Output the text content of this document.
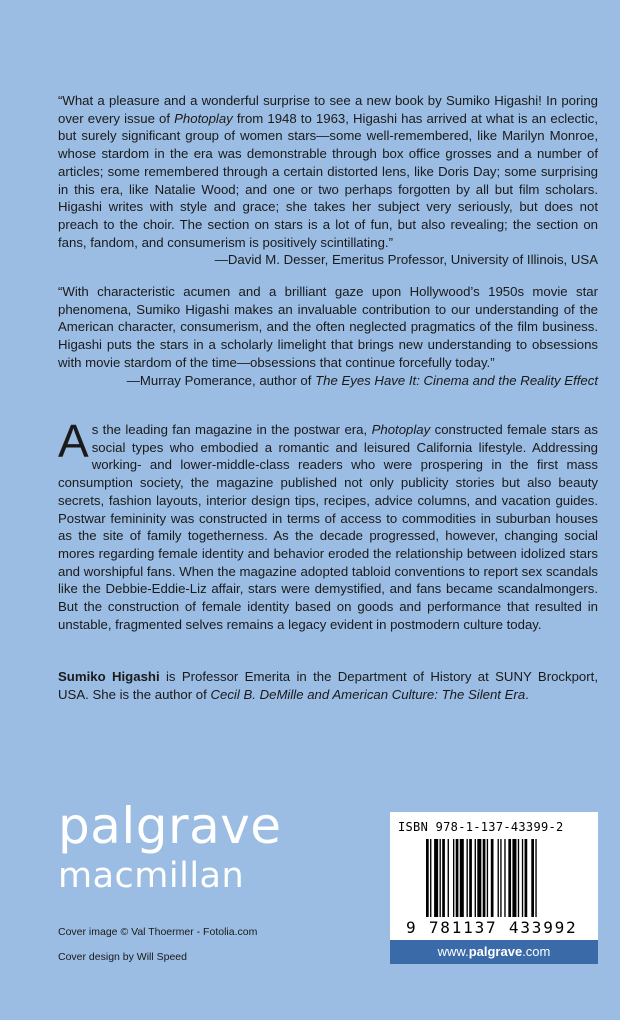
“What a pleasure and a wonderful surprise to see a new book by Sumiko Higashi! In poring over every issue of Photoplay from 1948 to 1963, Higashi has arrived at what is an eclectic, but surely significant group of women stars—some well-remembered, like Marilyn Monroe, whose stardom in the era was demonstrable through box office grosses and a number of articles; some remembered through a certain distorted lens, like Doris Day; some surprising in this era, like Natalie Wood; and one or two perhaps forgotten by all but film scholars. Higashi writes with style and grace; she takes her subject very seriously, but does not preach to the choir. The section on stars is a lot of fun, but also revealing; the section on fans, fandom, and consumerism is positively scintillating.”
—David M. Desser, Emeritus Professor, University of Illinois, USA
“With characteristic acumen and a brilliant gaze upon Hollywood’s 1950s movie star phenomena, Sumiko Higashi makes an invaluable contribution to our understanding of the American character, consumerism, and the often neglected pragmatics of the film business. Higashi puts the stars in a scholarly limelight that brings new understanding to obsessions with movie stardom of the time—obsessions that continue forcefully today.”
—Murray Pomerance, author of The Eyes Have It: Cinema and the Reality Effect
As the leading fan magazine in the postwar era, Photoplay constructed female stars as social types who embodied a romantic and leisured California lifestyle. Addressing working- and lower-middle-class readers who were prospering in the first mass consumption society, the magazine published not only publicity stories but also beauty secrets, fashion layouts, interior design tips, recipes, advice columns, and vacation guides. Postwar femininity was constructed in terms of access to commodities in suburban houses as the site of family togetherness. As the decade progressed, however, changing social mores regarding female identity and behavior eroded the relationship between idolized stars and worshipful fans. When the magazine adopted tabloid conventions to report sex scandals like the Debbie-Eddie-Liz affair, stars were demystified, and fans became scandalmongers. But the construction of female identity based on goods and performance that resulted in unstable, fragmented selves remains a legacy evident in postmodern culture today.
Sumiko Higashi is Professor Emerita in the Department of History at SUNY Brockport, USA. She is the author of Cecil B. DeMille and American Culture: The Silent Era.
palgrave
macmillan
Cover image © Val Thoermer - Fotolia.com
Cover design by Will Speed
ISBN 978-1-137-43399-2
9 781137 433992
www.palgrave.com
